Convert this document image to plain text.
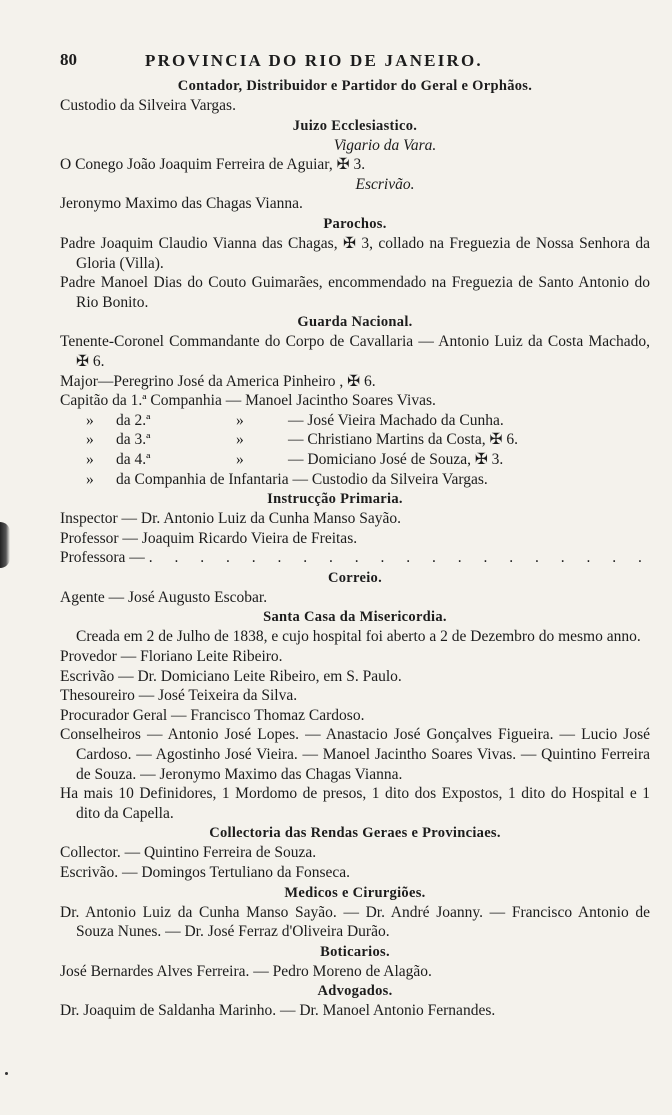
80	PROVINCIA DO RIO DE JANEIRO.
Contador, Distribuidor e Partidor do Geral e Orphãos.
Custodio da Silveira Vargas.
Juizo Ecclesiastico.
Vigario da Vara.
O Conego João Joaquim Ferreira de Aguiar, ✠ 3.
Escrivão.
Jeronymo Maximo das Chagas Vianna.
Parochos.
Padre Joaquim Claudio Vianna das Chagas, ✠ 3, collado na Freguezia de Nossa Senhora da Gloria (Villa).
Padre Manoel Dias do Couto Guimarães, encommendado na Freguezia de Santo Antonio do Rio Bonito.
Guarda Nacional.
Tenente-Coronel Commandante do Corpo de Cavallaria — Antonio Luiz da Costa Machado, ✠ 6.
Major—Peregrino José da America Pinheiro , ✠ 6.
Capitão da 1.ª Companhia — Manoel Jacintho Soares Vivas.
»	da 2.ª	»	— José Vieira Machado da Cunha.
»	da 3.ª	»	— Christiano Martins da Costa, ✠ 6.
»	da 4.ª	»	— Domiciano José de Souza, ✠ 3.
»	da Companhia de Infantaria — Custodio da Silveira Vargas.
Instrucção Primaria.
Inspector — Dr. Antonio Luiz da Cunha Manso Sayão.
Professor — Joaquim Ricardo Vieira de Freitas.
Professora — . . . . . . . . . . . . . . . . . . . .
Correio.
Agente — José Augusto Escobar.
Santa Casa da Misericordia.
Creada em 2 de Julho de 1838, e cujo hospital foi aberto a 2 de Dezembro do mesmo anno.
Provedor — Floriano Leite Ribeiro.
Escrivão — Dr. Domiciano Leite Ribeiro, em S. Paulo.
Thesoureiro — José Teixeira da Silva.
Procurador Geral — Francisco Thomaz Cardoso.
Conselheiros — Antonio José Lopes. — Anastacio José Gonçalves Figueira. — Lucio José Cardoso. — Agostinho José Vieira. — Manoel Jacintho Soares Vivas. — Quintino Ferreira de Souza. — Jeronymo Maximo das Chagas Vianna.
Ha mais 10 Definidores, 1 Mordomo de presos, 1 dito dos Expostos, 1 dito do Hospital e 1 dito da Capella.
Collectoria das Rendas Geraes e Provinciaes.
Collector. — Quintino Ferreira de Souza.
Escrivão. — Domingos Tertuliano da Fonseca.
Medicos e Cirurgiões.
Dr. Antonio Luiz da Cunha Manso Sayão. — Dr. André Joanny. — Francisco Antonio de Souza Nunes. — Dr. José Ferraz d'Oliveira Durão.
Boticarios.
José Bernardes Alves Ferreira. — Pedro Moreno de Alagão.
Advogados.
Dr. Joaquim de Saldanha Marinho. — Dr. Manoel Antonio Fernandes.
